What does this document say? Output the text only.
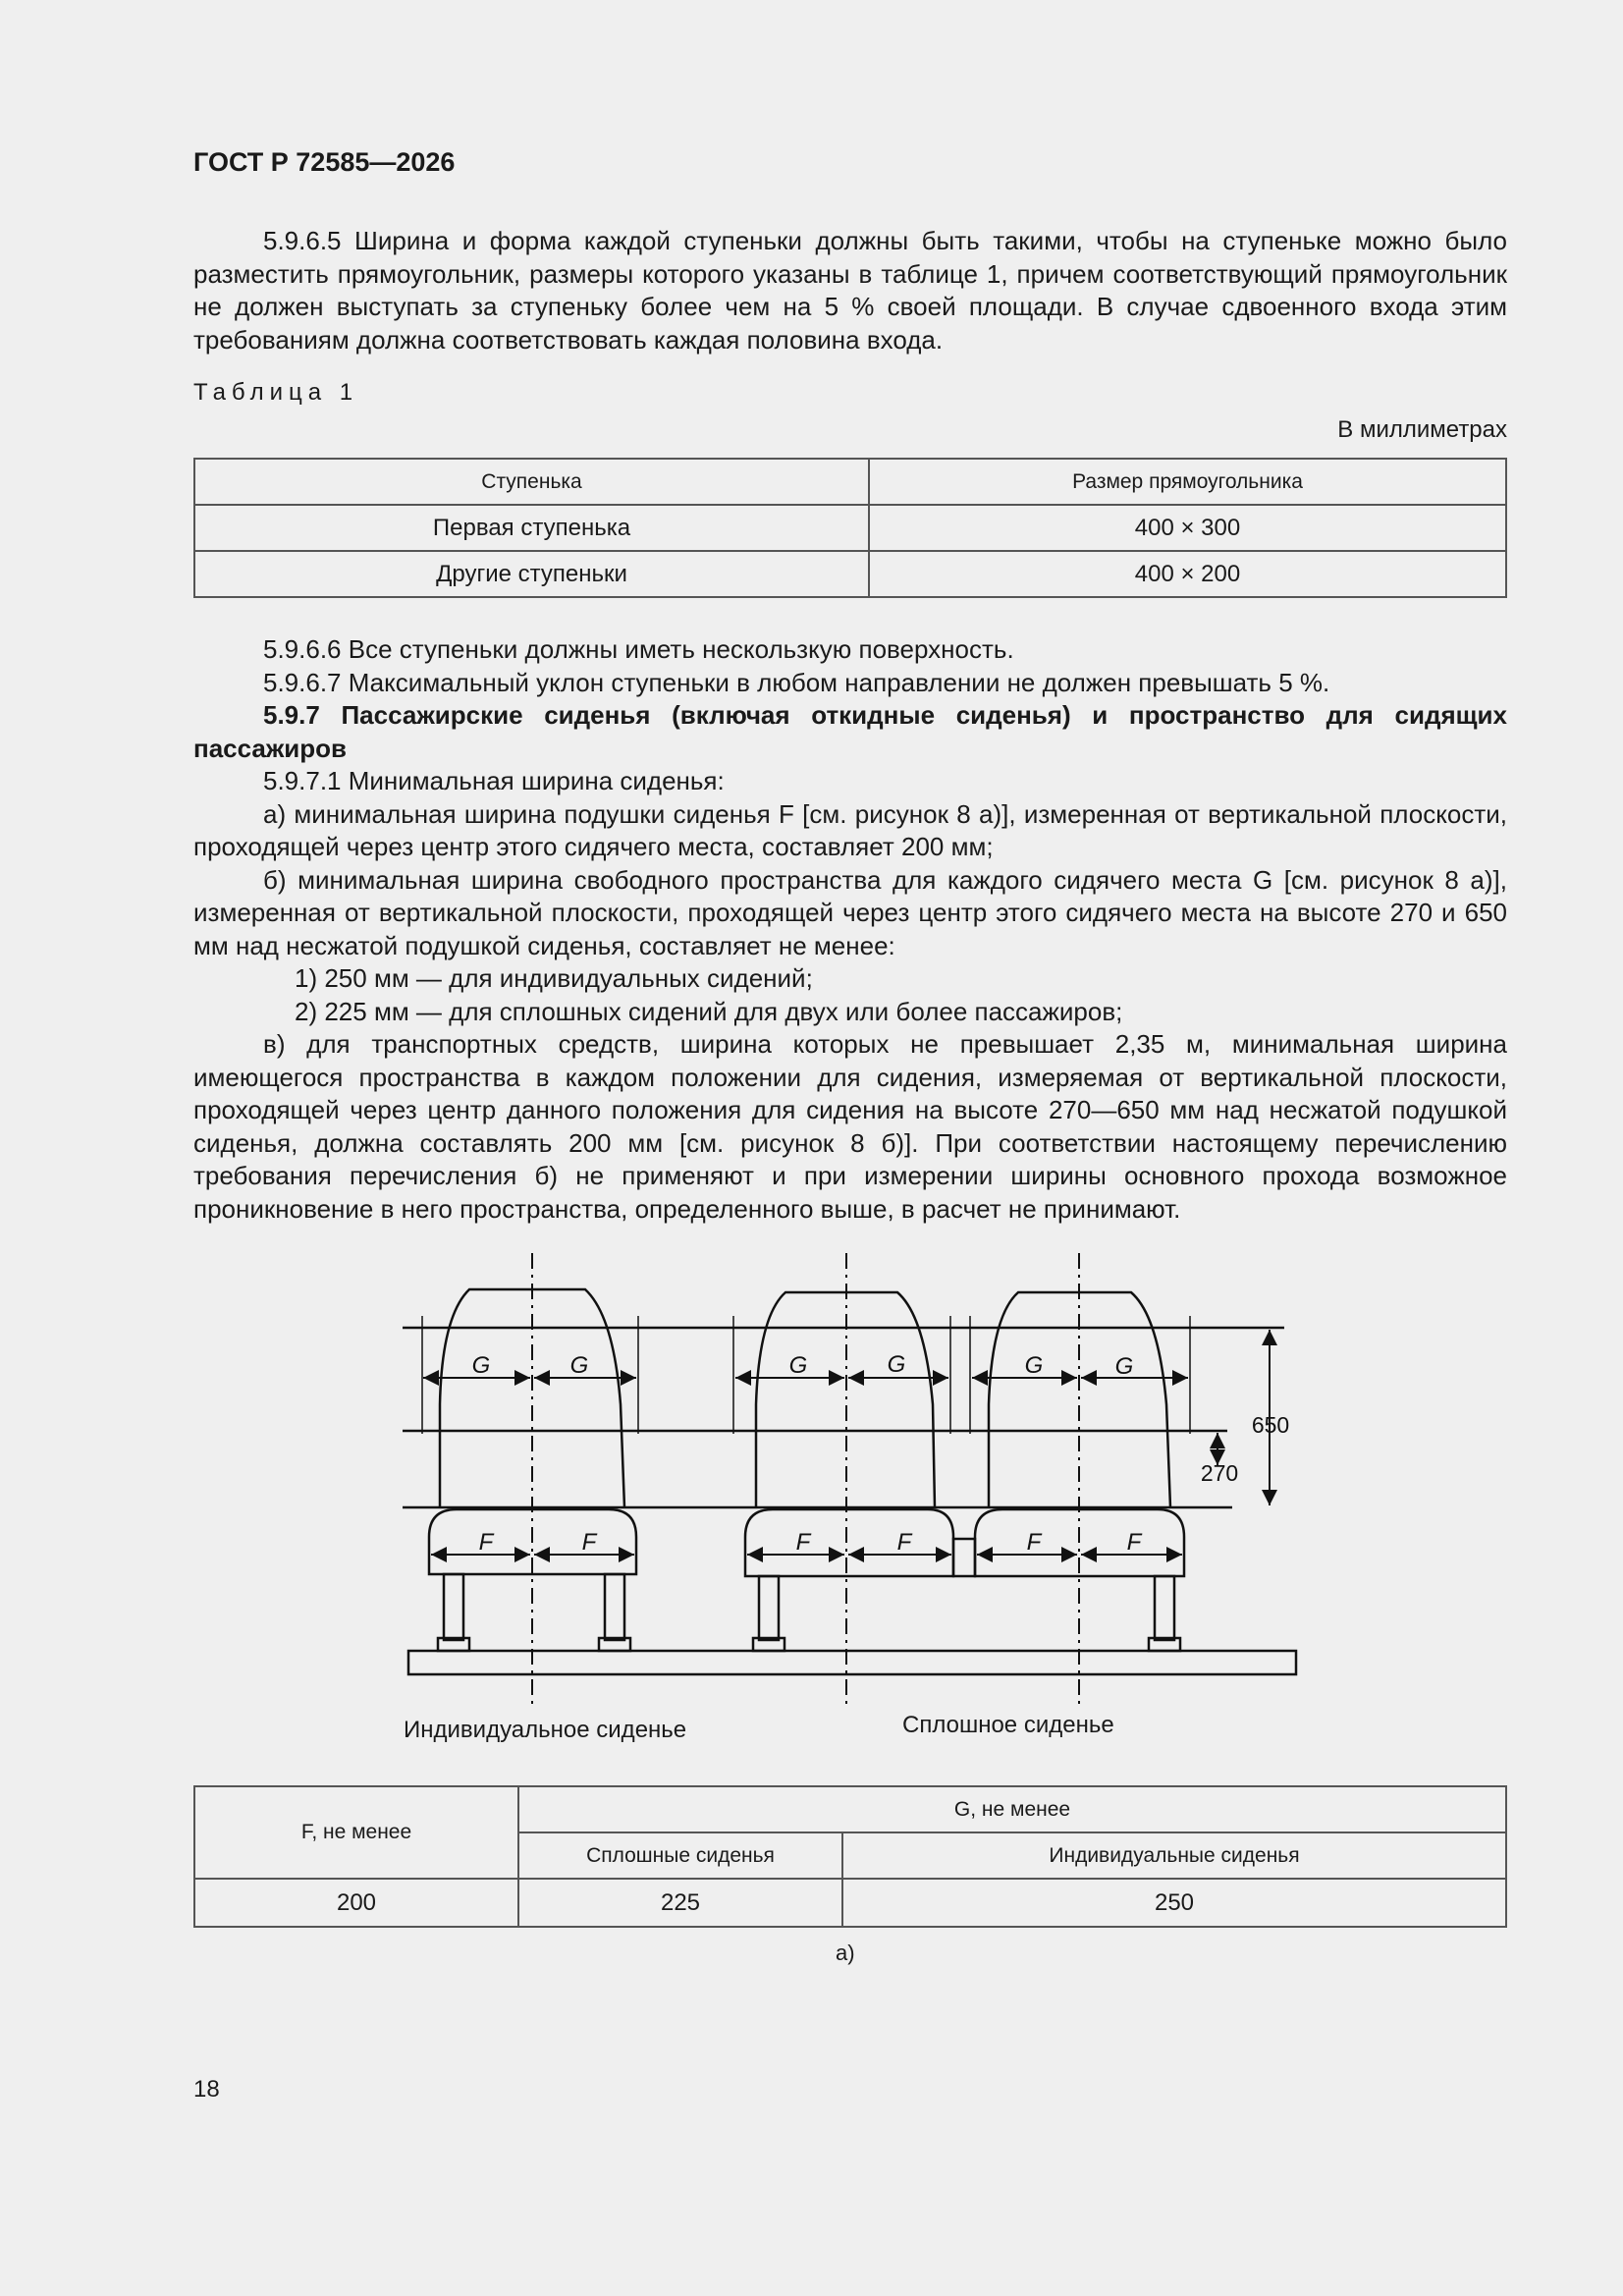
ГОСТ Р 72585—2026

5.9.6.5 Ширина и форма каждой ступеньки должны быть такими, чтобы на ступеньке можно было разместить прямоугольник, размеры которого указаны в таблице 1, причем соответствующий прямоугольник не должен выступать за ступеньку более чем на 5 % своей площади. В случае сдвоенного входа этим требованиям должна соответствовать каждая половина входа.

Таблица 1
В миллиметрах
Ступенька	Размер прямоугольника
Первая ступенька	400 × 300
Другие ступеньки	400 × 200

5.9.6.6 Все ступеньки должны иметь нескользкую поверхность.

5.9.6.7 Максимальный уклон ступеньки в любом направлении не должен превышать 5 %.

5.9.7 Пассажирские сиденья (включая откидные сиденья) и пространство для сидящих пассажиров

5.9.7.1 Минимальная ширина сиденья:

а) минимальная ширина подушки сиденья F [см. рисунок 8 а)], измеренная от вертикальной плоскости, проходящей через центр этого сидячего места, составляет 200 мм;

б) минимальная ширина свободного пространства для каждого сидячего места G [см. рисунок 8 а)], измеренная от вертикальной плоскости, проходящей через центр этого сидячего места на высоте 270 и 650 мм над несжатой подушкой сиденья, составляет не менее:

1) 250 мм — для индивидуальных сидений;

2) 225 мм — для сплошных сидений для двух или более пассажиров;

в) для транспортных средств, ширина которых не превышает 2,35 м, минимальная ширина имеющегося пространства в каждом положении для сидения, измеряемая от вертикальной плоскости, проходящей через центр данного положения для сидения на высоте 270—650 мм над несжатой подушкой сиденья, должна составлять 200 мм [см. рисунок 8 б)]. При соответствии настоящему перечислению требования перечисления б) не применяют и при измерении ширины основного прохода возможное проникновение в него пространства, определенного выше, в расчет не принимают.

G	G	G	G	G	G
F	F	F	F	F	F
650
270
Индивидуальное сиденье	Сплошное сиденье
F, не менее	G, не менее	
	Сплошные сиденья	Индивидуальные сиденья
200	225	250
а)
18
